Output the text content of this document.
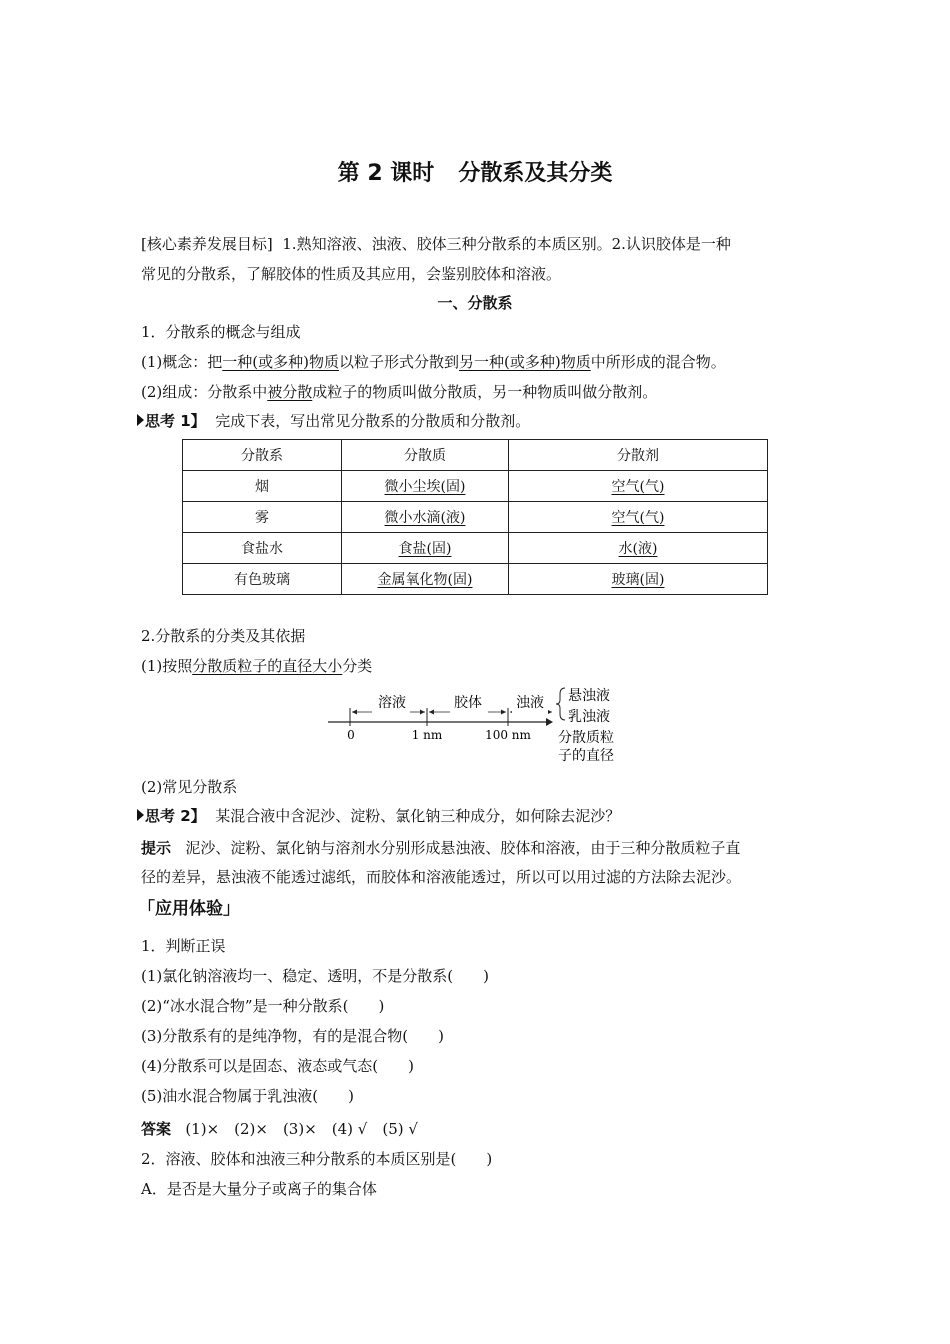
第 2 课时 分散系及其分类
[核心素养发展目标] 1.熟知溶液、浊液、胶体三种分散系的本质区别。2.认识胶体是一种
常见的分散系，了解胶体的性质及其应用，会鉴别胶体和溶液。
一、分散系
1．分散系的概念与组成
(1)概念：把一种(或多种)物质以粒子形式分散到另一种(或多种)物质中所形成的混合物。
(2)组成：分散系中被分散成粒子的物质叫做分散质，另一种物质叫做分散剂。
思考 1】 完成下表，写出常见分散系的分散质和分散剂。
分散系	分散质	分散剂
烟	微小尘埃(固)	空气(气)
雾	微小水滴(液)	空气(气)
食盐水	食盐(固)	水(液)
有色玻璃	金属氧化物(固)	玻璃(固)
2.分散系的分类及其依据
(1)按照分散质粒子的直径大小分类
溶液	胶体 浊液
0	1 nm	100 nm
悬浊液
乳浊液
分散质粒
子的直径
(2)常见分散系
思考 2】 某混合液中含泥沙、淀粉、氯化钠三种成分，如何除去泥沙？
提示 泥沙、淀粉、氯化钠与溶剂水分别形成悬浊液、胶体和溶液，由于三种分散质粒子直
径的差异，悬浊液不能透过滤纸，而胶体和溶液能透过，所以可以用过滤的方法除去泥沙。
「应用体验」
1．判断正误
(1)氯化钠溶液均一、稳定、透明，不是分散系(　　)
(2)“冰水混合物”是一种分散系(　　)
(3)分散系有的是纯净物，有的是混合物(　　)
(4)分散系可以是固态、液态或气态(　　)
(5)油水混合物属于乳浊液(　　)
答案 (1)×　(2)×　(3)×　(4) √　(5) √
2．溶液、胶体和浊液三种分散系的本质区别是(　　)
A．是否是大量分子或离子的集合体
